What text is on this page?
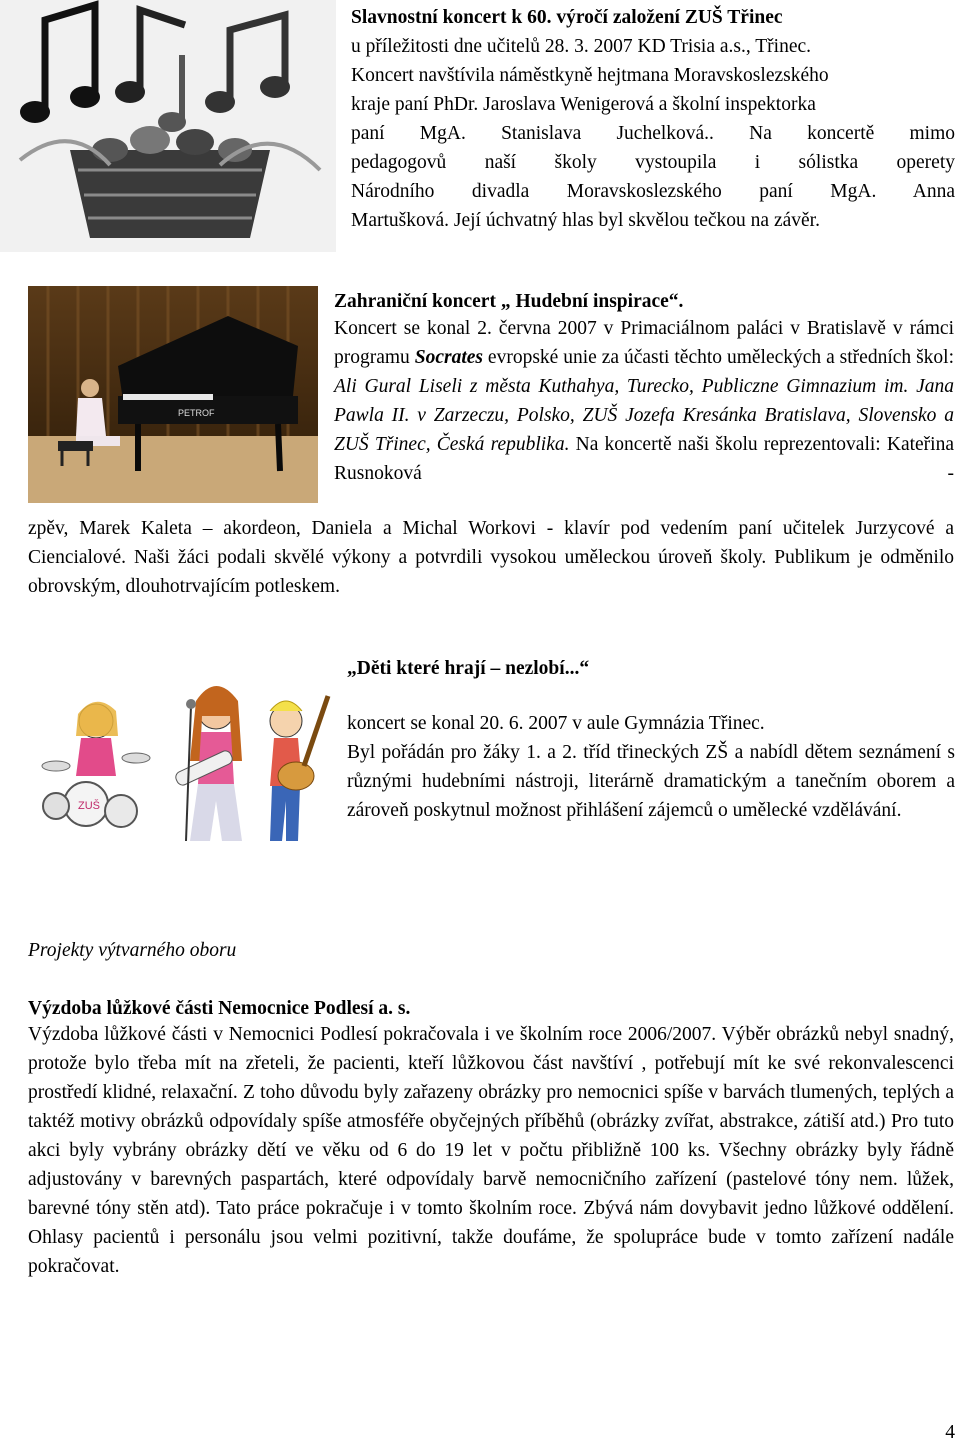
Slavnostní koncert k 60. výročí založení ZUŠ Třinec

u příležitosti dne učitelů 28. 3. 2007 KD Trisia a.s., Třinec.

Koncert navštívila náměstkyně hejtmana Moravskoslezského

kraje paní PhDr. Jaroslava Wenigerová a školní inspektorka

paní MgA. Stanislava Juchelková.. Na koncertě mimo

pedagogovů naší školy vystoupila i sólistka operety

Národního divadla Moravskoslezského paní MgA. Anna

Martušková. Její úchvatný hlas byl skvělou tečkou na závěr.

PETROF
Zahraniční koncert „ Hudební inspirace“.
Koncert se konal 2. června 2007 v Primaciálnom paláci v Bratislavě v rámci programu Socrates evropské unie za účasti těchto uměleckých a středních škol: Ali Gural Liseli z města Kuthahya, Turecko, Publiczne Gimnazium im. Jana Pawla II. v Zarzeczu, Polsko, ZUŠ Jozefa Kresánka Bratislava, Slovensko a ZUŠ Třinec, Česká republika. Na koncertě naši školu reprezentovali: Kateřina Rusnoková -
zpěv, Marek Kaleta – akordeon, Daniela a Michal Workovi - klavír pod vedením paní učitelek Jurzycové a Ciencialové. Naši žáci podali skvělé výkony a potvrdili vysokou uměleckou úroveň školy. Publikum je odměnilo obrovským, dlouhotrvajícím potleskem.
ZUŠ
„Děti které hrají – nezlobí...“

koncert se konal 20. 6. 2007 v aule Gymnázia Třinec.

Byl pořádán pro žáky 1. a 2. tříd třineckých ZŠ a nabídl dětem seznámení s různými hudebními nástroji, literárně dramatickým a tanečním oborem a zároveň poskytnul možnost přihlášení zájemců o umělecké vzdělávání.

Projekty výtvarného oboru
Výzdoba lůžkové části Nemocnice Podlesí a. s.
Výzdoba lůžkové části v Nemocnici Podlesí pokračovala i ve školním roce 2006/2007. Výběr obrázků nebyl snadný, protože bylo třeba mít na zřeteli, že pacienti, kteří lůžkovou část navštíví , potřebují mít ke své rekonvalescenci prostředí klidné, relaxační. Z toho důvodu byly zařazeny obrázky pro nemocnici spíše v barvách tlumených, teplých a taktéž motivy obrázků odpovídaly spíše atmosféře obyčejných příběhů (obrázky zvířat, abstrakce, zátiší atd.) Pro tuto akci byly vybrány obrázky dětí ve věku od 6 do 19 let v počtu přibližně 100 ks. Všechny obrázky byly řádně adjustovány v barevných paspartách, které odpovídaly barvě nemocničního zařízení (pastelové tóny nem. lůžek, barevné tóny stěn atd). Tato práce pokračuje i v tomto školním roce. Zbývá nám dovybavit jedno lůžkové oddělení. Ohlasy pacientů i personálu jsou velmi pozitivní, takže doufáme, že spolupráce bude v tomto zařízení nadále pokračovat.
4
